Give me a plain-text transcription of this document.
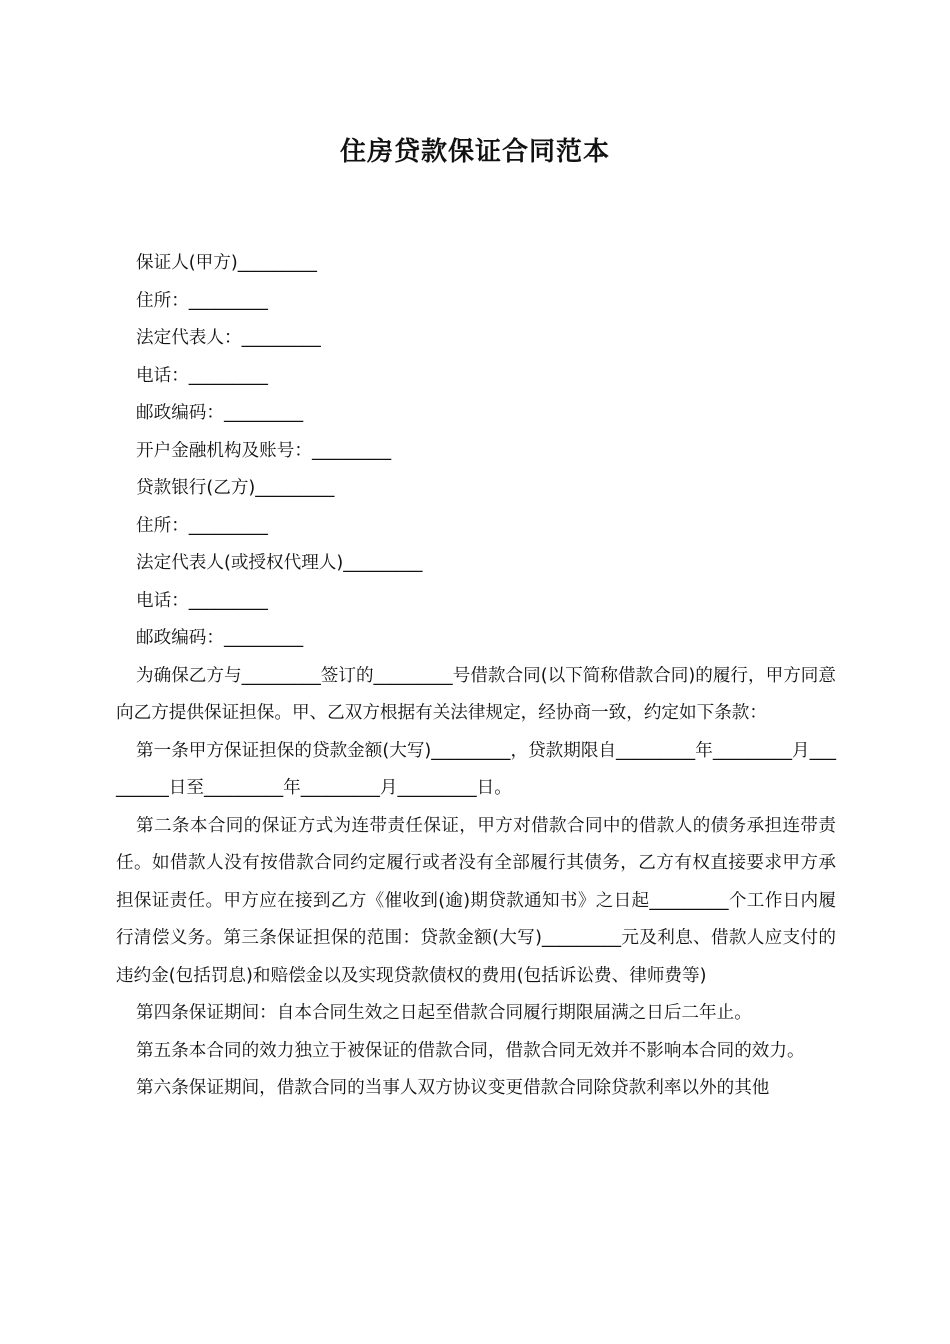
住房贷款保证合同范本

保证人(甲方)_________

住所：_________

法定代表人：_________

电话：_________

邮政编码：_________

开户金融机构及账号：_________

贷款银行(乙方)_________

住所：_________

法定代表人(或授权代理人)_________

电话：_________

邮政编码：_________

为确保乙方与_________签订的_________号借款合同(以下简称借款合同)的履行，甲方同意向乙方提供保证担保。甲、乙双方根据有关法律规定，经协商一致，约定如下条款：

第一条甲方保证担保的贷款金额(大写)_________，贷款期限自_________年_________月_________日至_________年_________月_________日。

第二条本合同的保证方式为连带责任保证，甲方对借款合同中的借款人的债务承担连带责任。如借款人没有按借款合同约定履行或者没有全部履行其债务，乙方有权直接要求甲方承担保证责任。甲方应在接到乙方《催收到(逾)期贷款通知书》之日起_________个工作日内履行清偿义务。第三条保证担保的范围：贷款金额(大写)_________元及利息、借款人应支付的违约金(包括罚息)和赔偿金以及实现贷款债权的费用(包括诉讼费、律师费等)

第四条保证期间：自本合同生效之日起至借款合同履行期限届满之日后二年止。

第五条本合同的效力独立于被保证的借款合同，借款合同无效并不影响本合同的效力。

第六条保证期间，借款合同的当事人双方协议变更借款合同除贷款利率以外的其他
